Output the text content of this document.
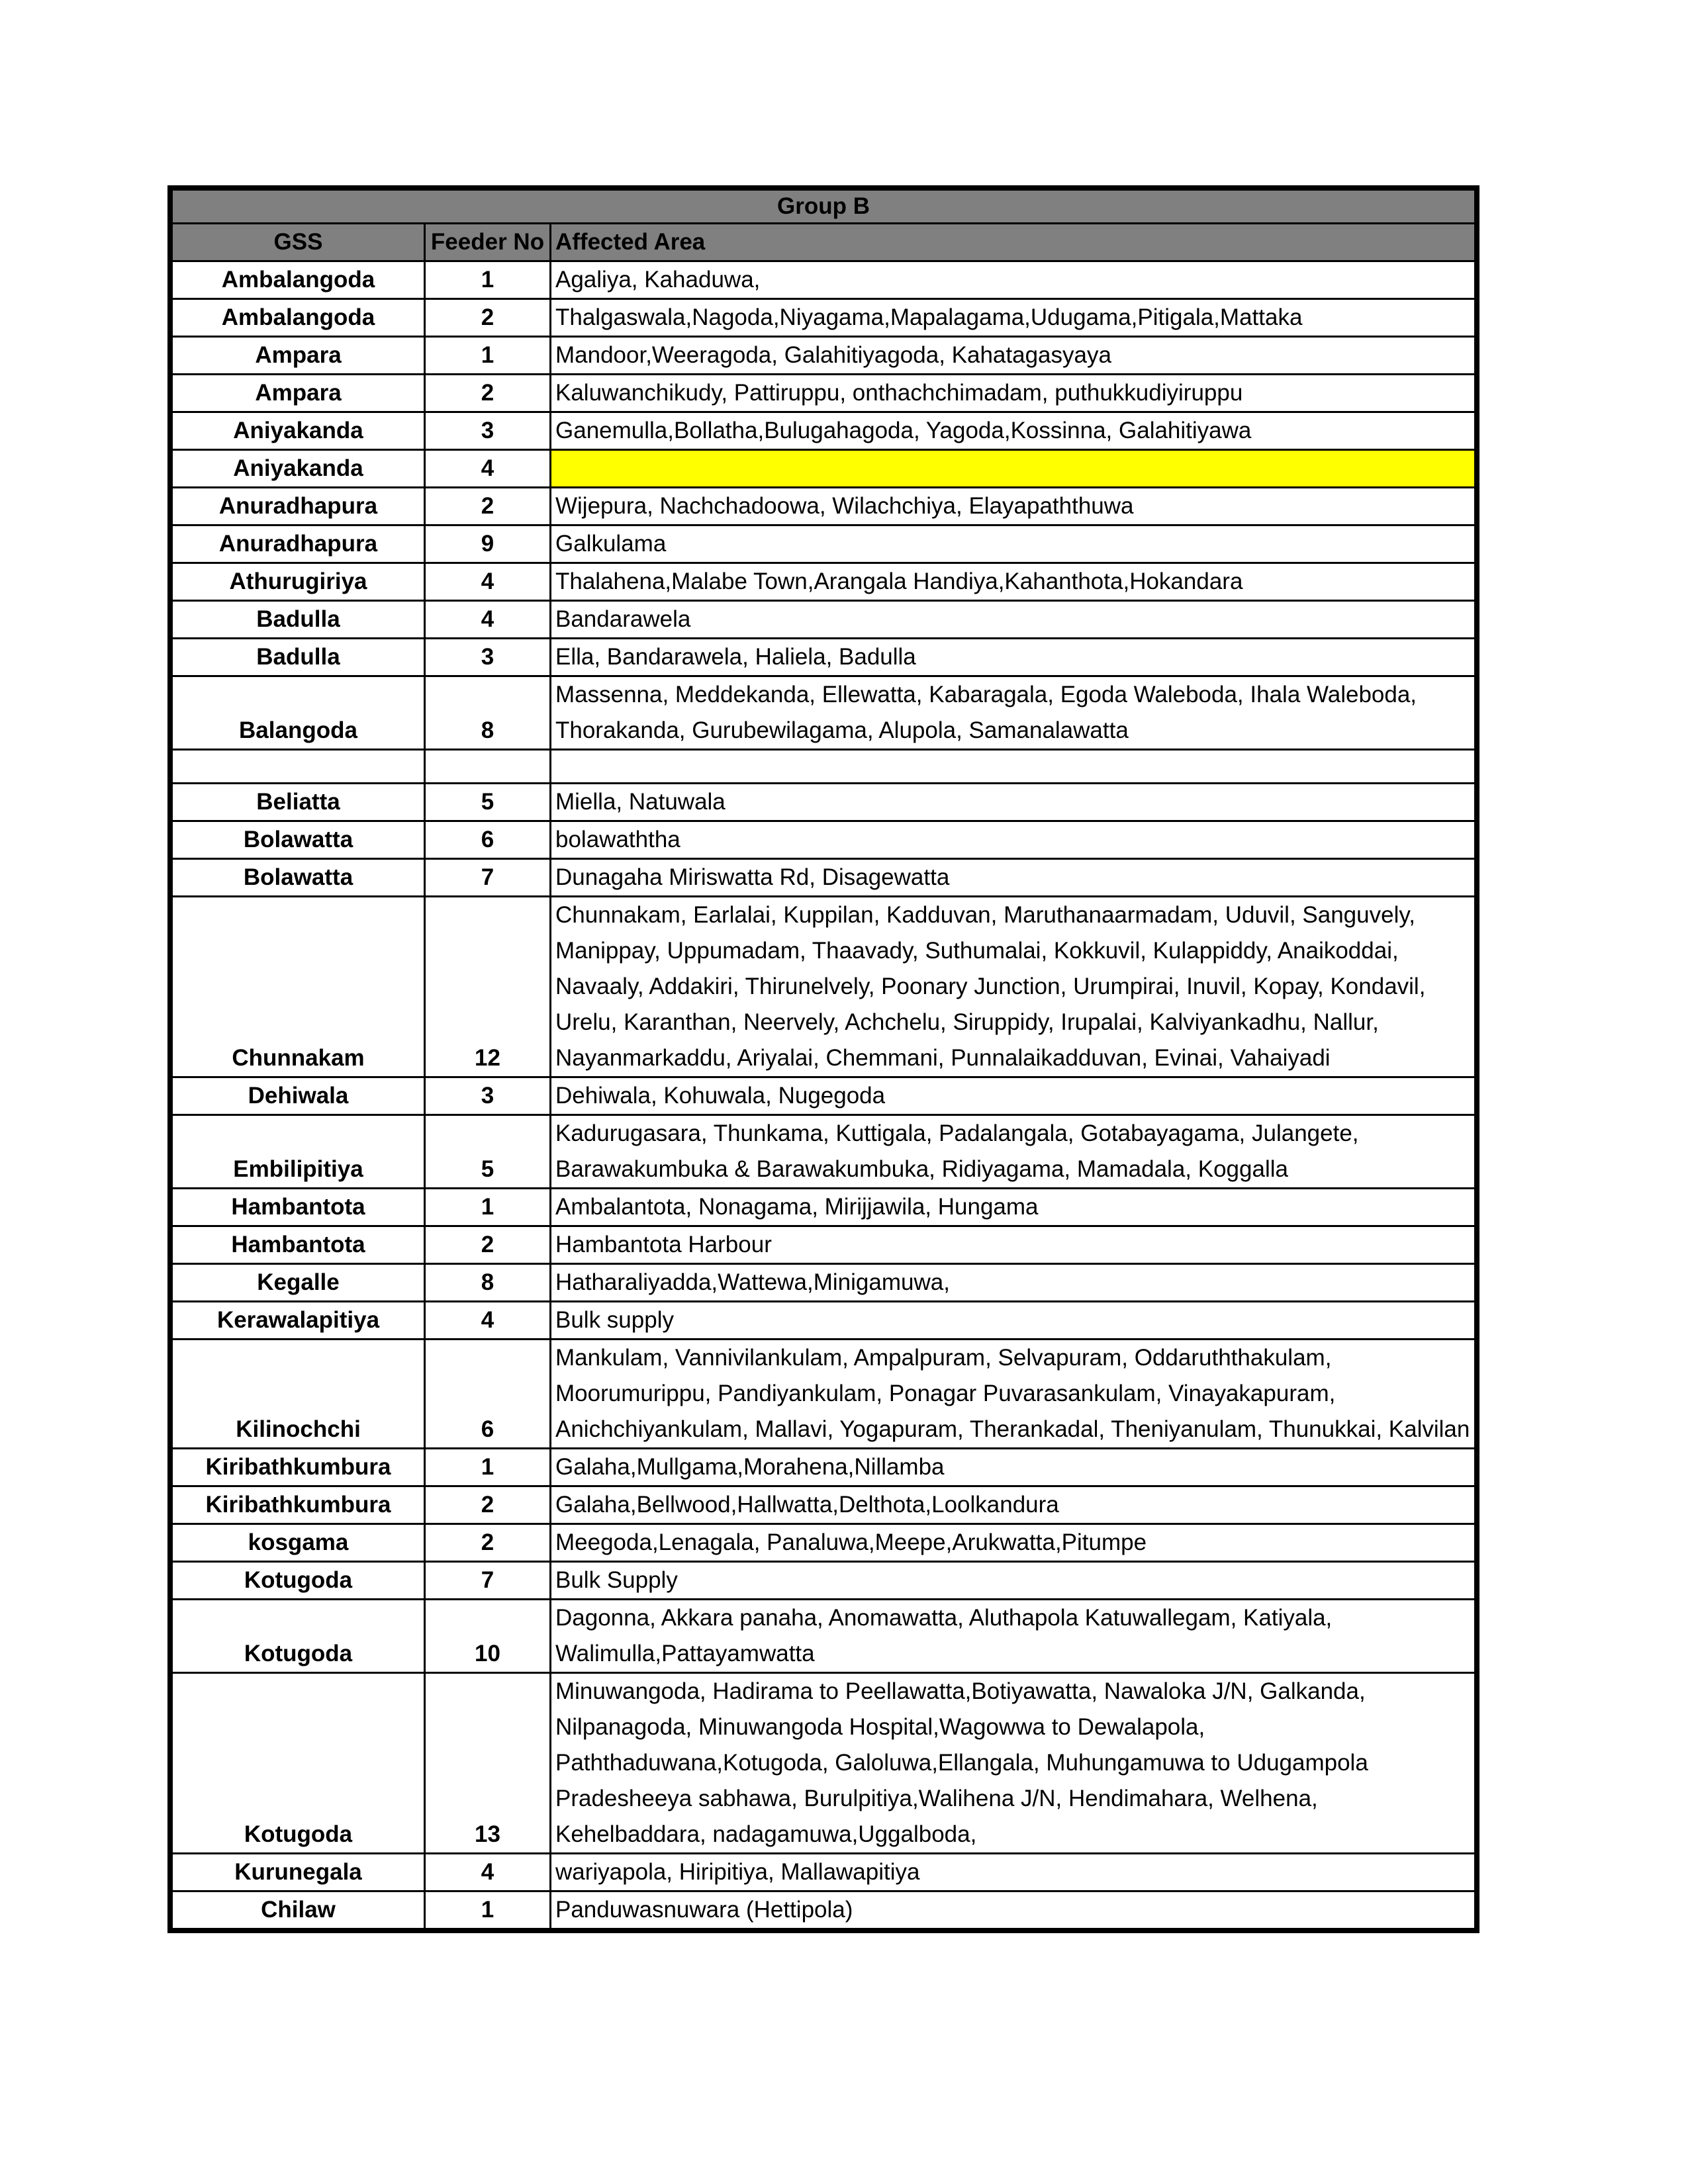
Group B		
GSS	Feeder No	Affected Area
Ambalangoda	1	Agaliya, Kahaduwa,
Ambalangoda	2	Thalgaswala,Nagoda,Niyagama,Mapalagama,Udugama,Pitigala,Mattaka
Ampara	1	Mandoor,Weeragoda, Galahitiyagoda, Kahatagasyaya
Ampara	2	Kaluwanchikudy, Pattiruppu, onthachchimadam, puthukkudiyiruppu
Aniyakanda	3	Ganemulla,Bollatha,Bulugahagoda, Yagoda,Kossinna, Galahitiyawa
Aniyakanda	4	
Anuradhapura	2	Wijepura, Nachchadoowa, Wilachchiya, Elayapaththuwa
Anuradhapura	9	Galkulama
Athurugiriya	4	Thalahena,Malabe Town,Arangala Handiya,Kahanthota,Hokandara
Badulla	4	Bandarawela
Badulla	3	Ella, Bandarawela, Haliela, Badulla
Balangoda	8	Massenna, Meddekanda, Ellewatta, Kabaragala, Egoda Waleboda, Ihala Waleboda, Thorakanda, Gurubewilagama, Alupola, Samanalawatta

Beliatta	5	Miella, Natuwala
Bolawatta	6	bolawaththa
Bolawatta	7	Dunagaha Miriswatta Rd, Disagewatta
Chunnakam	12	Chunnakam, Earlalai, Kuppilan, Kadduvan, Maruthanaarmadam, Uduvil, Sanguvely, Manippay, Uppumadam, Thaavady, Suthumalai, Kokkuvil, Kulappiddy, Anaikoddai, Navaaly, Addakiri, Thirunelvely, Poonary Junction, Urumpirai, Inuvil, Kopay, Kondavil, Urelu, Karanthan, Neervely, Achchelu, Siruppidy, Irupalai, Kalviyankadhu, Nallur, Nayanmarkaddu, Ariyalai, Chemmani, Punnalaikadduvan, Evinai, Vahaiyadi
Dehiwala	3	Dehiwala, Kohuwala, Nugegoda
Embilipitiya	5	Kadurugasara, Thunkama, Kuttigala, Padalangala, Gotabayagama, Julangete, Barawakumbuka & Barawakumbuka, Ridiyagama, Mamadala, Koggalla
Hambantota	1	Ambalantota, Nonagama, Mirijjawila, Hungama
Hambantota	2	Hambantota Harbour
Kegalle	8	Hatharaliyadda,Wattewa,Minigamuwa,
Kerawalapitiya	4	Bulk supply
Kilinochchi	6	Mankulam, Vannivilankulam, Ampalpuram, Selvapuram, Oddaruththakulam, Moorumurippu, Pandiyankulam, Ponagar Puvarasankulam, Vinayakapuram, Anichchiyankulam, Mallavi, Yogapuram, Therankadal, Theniyanulam, Thunukkai, Kalvilan
Kiribathkumbura	1	Galaha,Mullgama,Morahena,Nillamba
Kiribathkumbura	2	Galaha,Bellwood,Hallwatta,Delthota,Loolkandura
kosgama	2	Meegoda,Lenagala, Panaluwa,Meepe,Arukwatta,Pitumpe
Kotugoda	7	Bulk Supply
Kotugoda	10	Dagonna, Akkara panaha, Anomawatta, Aluthapola Katuwallegam, Katiyala, Walimulla,Pattayamwatta
Kotugoda	13	Minuwangoda, Hadirama to Peellawatta,Botiyawatta, Nawaloka J/N, Galkanda, Nilpanagoda, Minuwangoda Hospital,Wagowwa to Dewalapola, Paththaduwana,Kotugoda, Galoluwa,Ellangala, Muhungamuwa to Udugampola Pradesheeya sabhawa, Burulpitiya,Walihena J/N, Hendimahara, Welhena, Kehelbaddara, nadagamuwa,Uggalboda,
Kurunegala	4	wariyapola, Hiripitiya, Mallawapitiya
Chilaw	1	Panduwasnuwara (Hettipola)
